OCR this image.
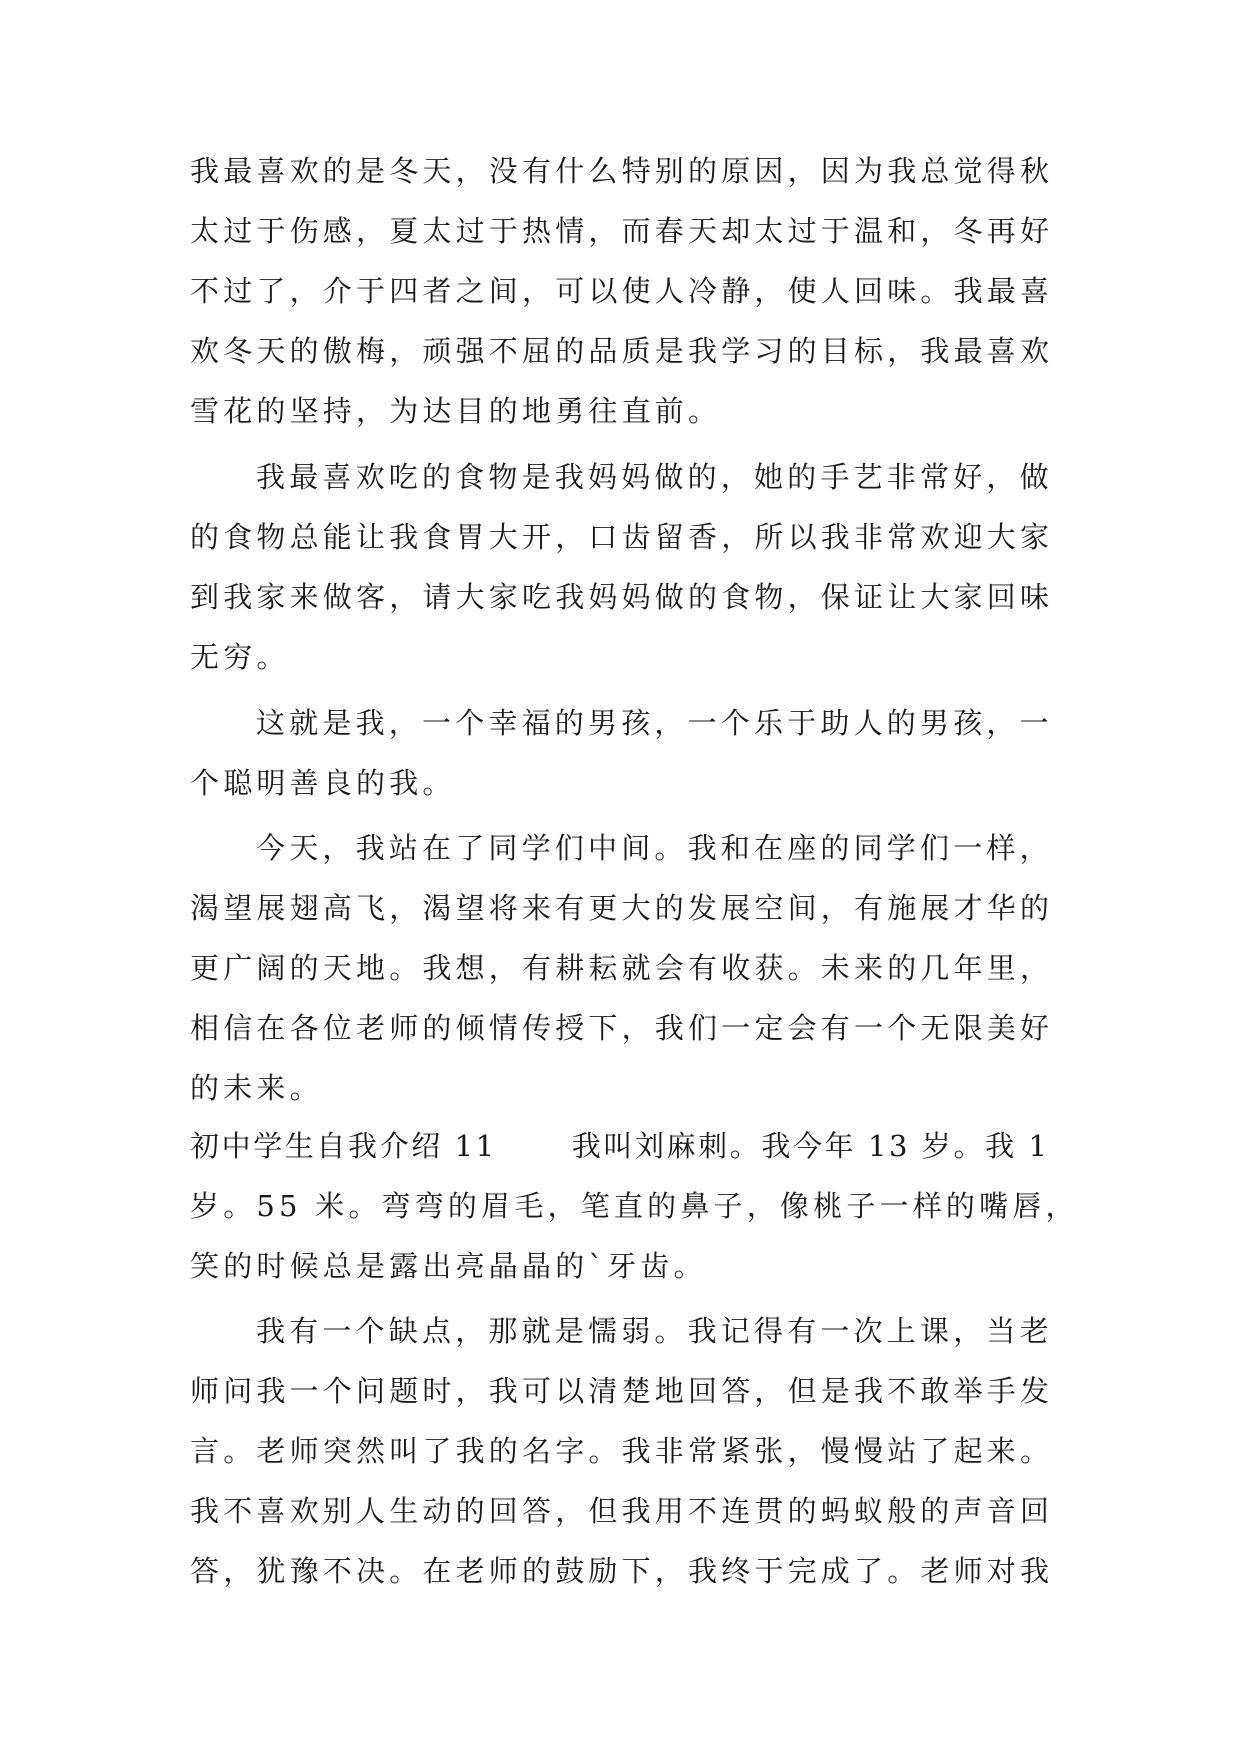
我最喜欢的是冬天，没有什么特别的原因，因为我总觉得秋
太过于伤感，夏太过于热情，而春天却太过于温和，冬再好
不过了，介于四者之间，可以使人冷静，使人回味。我最喜
欢冬天的傲梅，顽强不屈的品质是我学习的目标，我最喜欢
雪花的坚持，为达目的地勇往直前。
我最喜欢吃的食物是我妈妈做的，她的手艺非常好，做
的食物总能让我食胃大开，口齿留香，所以我非常欢迎大家
到我家来做客，请大家吃我妈妈做的食物，保证让大家回味
无穷。
这就是我，一个幸福的男孩，一个乐于助人的男孩，一
个聪明善良的我。
今天，我站在了同学们中间。我和在座的同学们一样，
渴望展翅高飞，渴望将来有更大的发展空间，有施展才华的
更广阔的天地。我想，有耕耘就会有收获。未来的几年里，
相信在各位老师的倾情传授下，我们一定会有一个无限美好
的未来。
初中学生自我介绍 11　　 我叫刘麻刺。我今年 13 岁。我 1
岁。55 米。弯弯的眉毛，笔直的鼻子，像桃子一样的嘴唇，
笑的时候总是露出亮晶晶的`牙齿。
我有一个缺点，那就是懦弱。我记得有一次上课，当老
师问我一个问题时，我可以清楚地回答，但是我不敢举手发
言。老师突然叫了我的名字。我非常紧张，慢慢站了起来。
我不喜欢别人生动的回答，但我用不连贯的蚂蚁般的声音回
答，犹豫不决。在老师的鼓励下，我终于完成了。老师对我
